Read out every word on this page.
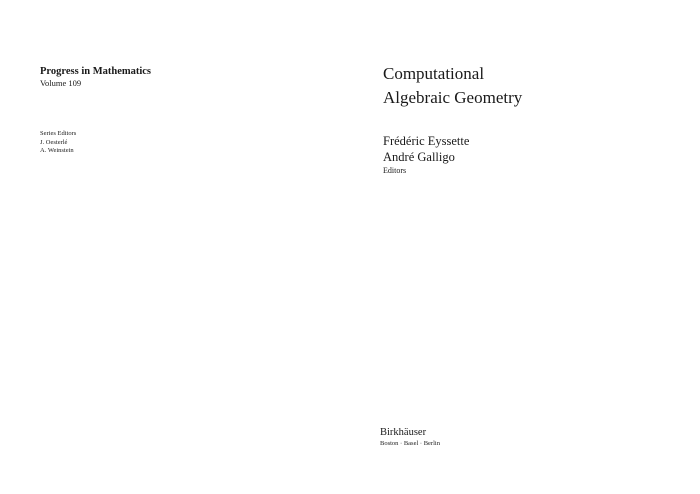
Progress in Mathematics

Volume 109

Series Editors

J. Oesterlé

A. Weinstein

Computational
Algebraic Geometry

Frédéric Eyssette

André Galligo

Editors

Birkhäuser

Boston · Basel · Berlin
